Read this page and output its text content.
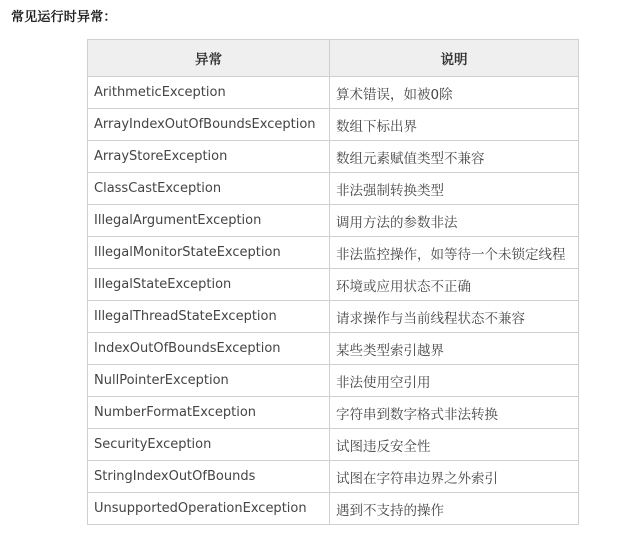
常见运行时异常：
异常	说明
ArithmeticException	算术错误，如被0除
ArrayIndexOutOfBoundsException	数组下标出界
ArrayStoreException	数组元素赋值类型不兼容
ClassCastException	非法强制转换类型
IllegalArgumentException	调用方法的参数非法
IllegalMonitorStateException	非法监控操作，如等待一个未锁定线程
IllegalStateException	环境或应用状态不正确
IllegalThreadStateException	请求操作与当前线程状态不兼容
IndexOutOfBoundsException	某些类型索引越界
NullPointerException	非法使用空引用
NumberFormatException	字符串到数字格式非法转换
SecurityException	试图违反安全性
StringIndexOutOfBounds	试图在字符串边界之外索引
UnsupportedOperationException	遇到不支持的操作
